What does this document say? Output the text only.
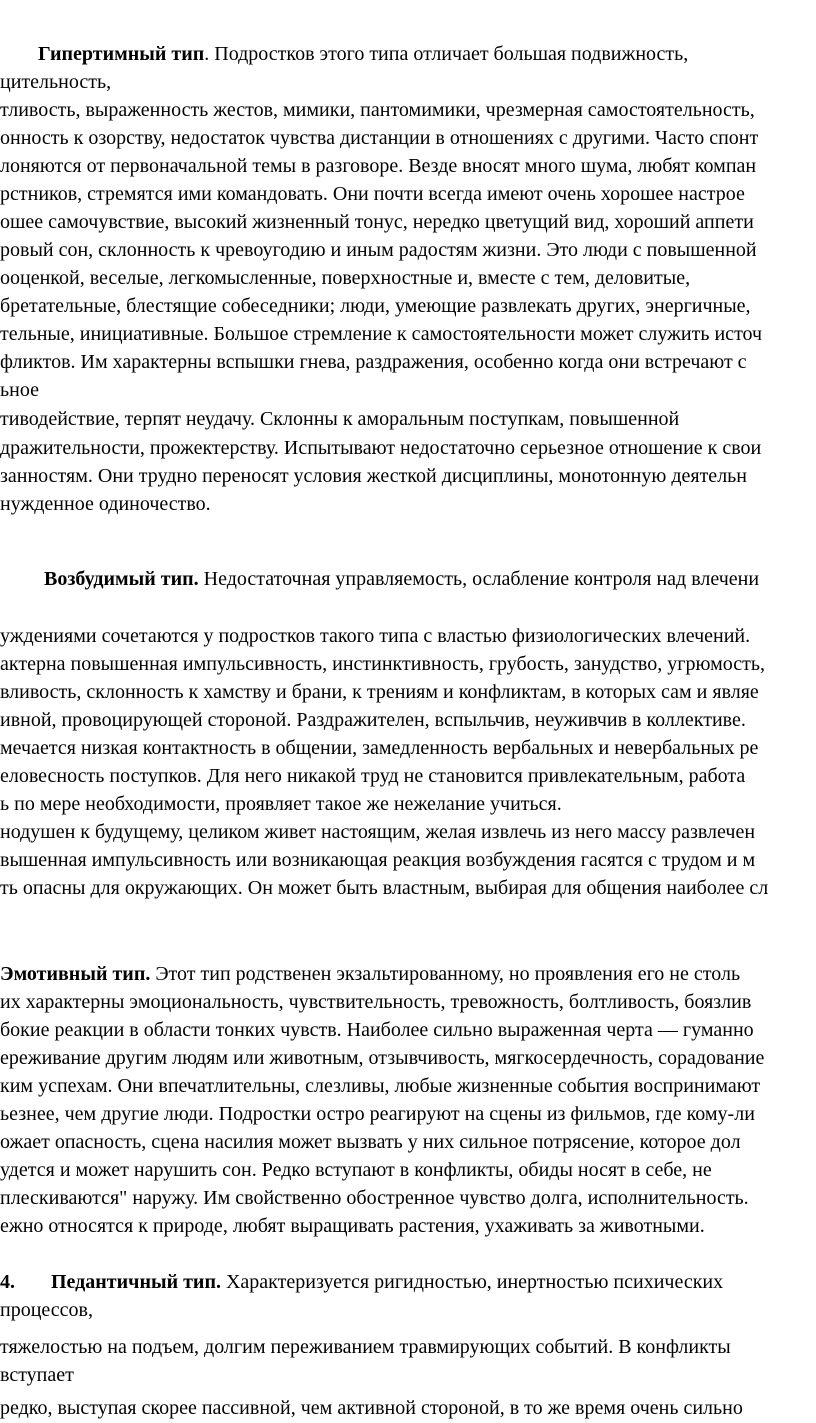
Гипертимный тип. Подростков этого типа отличает большая подвижность,
цительность,
тливость, выраженность жестов, мимики, пантомимики, чрезмерная самостоятельность,
онность к озорству, недостаток чувства дистанции в отношениях с другими. Часто спонт
лоняются от первоначальной темы в разговоре. Везде вносят много шума, любят компан
рстников, стремятся ими командовать. Они почти всегда имеют очень хорошее настрое
ошее самочувствие, высокий жизненный тонус, нередко цветущий вид, хороший аппети
ровый сон, склонность к чревоугодию и иным радостям жизни. Это люди с повышенной
ооценкой, веселые, легкомысленные, поверхностные и, вместе с тем, деловитые,
бретательные, блестящие собеседники; люди, умеющие развлекать других, энергичные,
тельные, инициативные. Большое стремление к самостоятельности может служить источ
фликтов. Им характерны вспышки гнева, раздражения, особенно когда они встречают с
ьное
тиводействие, терпят неудачу. Склонны к аморальным поступкам, повышенной
дражительности, прожектерству. Испытывают недостаточно серьезное отношение к свои
занностям. Они трудно переносят условия жесткой дисциплины, монотонную деятельн
нужденное одиночество.
Возбудимый тип. Недостаточная управляемость, ослабление контроля над влечени
уждениями сочетаются у подростков такого типа с властью физиологических влечений.
актерна повышенная импульсивность, инстинктивность, грубость, занудство, угрюмость,
вливость, склонность к хамству и брани, к трениям и конфликтам, в которых сам и являе
ивной, провоцирующей стороной. Раздражителен, вспыльчив, неуживчив в коллективе.
мечается низкая контактность в общении, замедленность вербальных и невербальных ре
еловесность поступков. Для него никакой труд не становится привлекательным, работа
ь по мере необходимости, проявляет такое же нежелание учиться.
нодушен к будущему, целиком живет настоящим, желая извлечь из него массу развлечен
вышенная импульсивность или возникающая реакция возбуждения гасятся с трудом и м
ть опасны для окружающих. Он может быть властным, выбирая для общения наиболее сл
Эмотивный тип. Этот тип родственен экзальтированному, но проявления его не столь
их характерны эмоциональность, чувствительность, тревожность, болтливость, боязлив
бокие реакции в области тонких чувств. Наиболее сильно выраженная черта — гуманно
ереживание другим людям или животным, отзывчивость, мягкосердечность, сорадование
ким успехам. Они впечатлительны, слезливы, любые жизненные события воспринимают
ьезнее, чем другие люди. Подростки остро реагируют на сцены из фильмов, где кому-ли
ожает опасность, сцена насилия может вызвать у них сильное потрясение, которое дол
удется и может нарушить сон. Редко вступают в конфликты, обиды носят в себе, не
плескиваются" наружу. Им свойственно обостренное чувство долга, исполнительность.
ежно относятся к природе, любят выращивать растения, ухаживать за животными.
4. Педантичный тип. Характеризуется ригидностью, инертностью психических
процессов,
тяжелостью на подъем, долгим переживанием травмирующих событий. В конфликты
вступает
редко, выступая скорее пассивной, чем активной стороной, в то же время очень сильно
